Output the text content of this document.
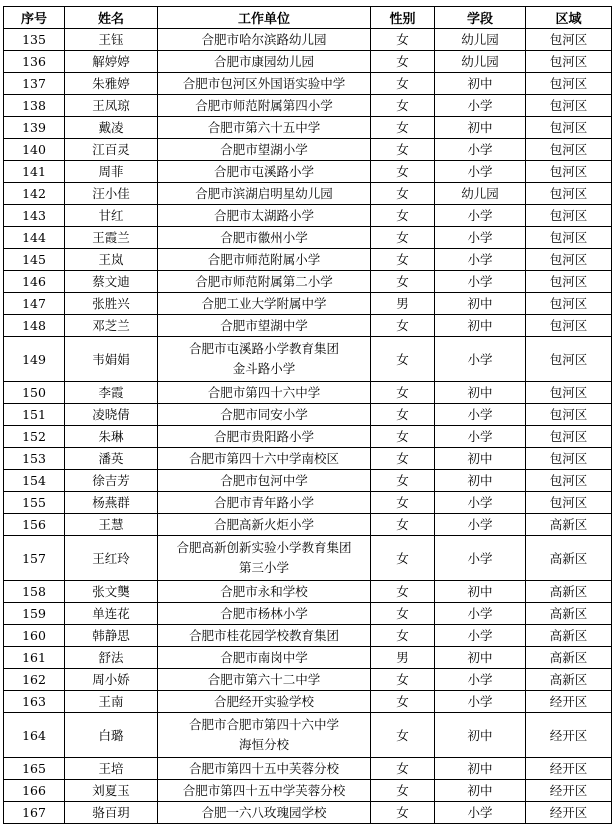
序号	姓名	工作单位	性别	学段	区域
135	王钰	合肥市哈尔滨路幼儿园	女	幼儿园	包河区
136	解婷婷	合肥市康园幼儿园	女	幼儿园	包河区
137	朱雅婷	合肥市包河区外国语实验中学	女	初中	包河区
138	王凤琼	合肥市师范附属第四小学	女	小学	包河区
139	戴凌	合肥市第六十五中学	女	初中	包河区
140	江百灵	合肥市望湖小学	女	小学	包河区
141	周菲	合肥市屯溪路小学	女	小学	包河区
142	汪小佳	合肥市滨湖启明星幼儿园	女	幼儿园	包河区
143	甘红	合肥市太湖路小学	女	小学	包河区
144	王霞兰	合肥市徽州小学	女	小学	包河区
145	王岚	合肥市师范附属小学	女	小学	包河区
146	蔡文迪	合肥市师范附属第二小学	女	小学	包河区
147	张胜兴	合肥工业大学附属中学	男	初中	包河区
148	邓芝兰	合肥市望湖中学	女	初中	包河区
149	韦娟娟	合肥市屯溪路小学教育集团
金斗路小学	女	小学	包河区
150	李霞	合肥市第四十六中学	女	初中	包河区
151	凌晓倩	合肥市同安小学	女	小学	包河区
152	朱琳	合肥市贵阳路小学	女	小学	包河区
153	潘英	合肥市第四十六中学南校区	女	初中	包河区
154	徐吉芳	合肥市包河中学	女	初中	包河区
155	杨燕群	合肥市青年路小学	女	小学	包河区
156	王慧	合肥高新火炬小学	女	小学	高新区
157	王红玲	合肥高新创新实验小学教育集团
第三小学	女	小学	高新区
158	张文龑	合肥市永和学校	女	初中	高新区
159	单连花	合肥市杨林小学	女	小学	高新区
160	韩静思	合肥市桂花园学校教育集团	女	小学	高新区
161	舒法	合肥市南岗中学	男	初中	高新区
162	周小娇	合肥市第六十二中学	女	小学	高新区
163	王南	合肥经开实验学校	女	小学	经开区
164	白璐	合肥市合肥市第四十六中学
海恒分校	女	初中	经开区
165	王培	合肥市第四十五中芙蓉分校	女	初中	经开区
166	刘夏玉	合肥市第四十五中学芙蓉分校	女	初中	经开区
167	骆百玥	合肥一六八玫瑰园学校	女	小学	经开区
